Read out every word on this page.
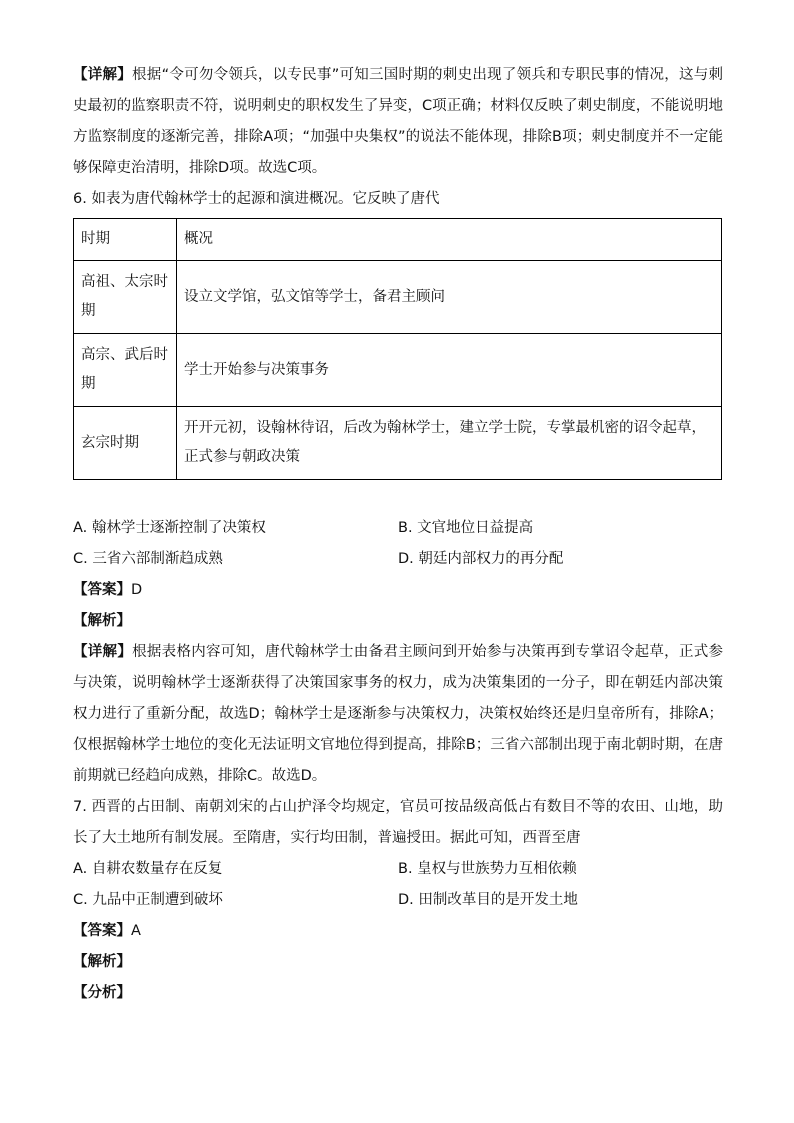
【详解】根据“令可勿令领兵，以专民事”可知三国时期的刺史出现了领兵和专职民事的情况，这与刺史最初的监察职责不符，说明刺史的职权发生了异变，C项正确；材料仅反映了刺史制度，不能说明地方监察制度的逐渐完善，排除A项；“加强中央集权”的说法不能体现，排除B项；刺史制度并不一定能够保障吏治清明，排除D项。故选C项。

6. 如表为唐代翰林学士的起源和演进概况。它反映了唐代

时期	概况
高祖、太宗时期	设立文学馆，弘文馆等学士，备君主顾问
高宗、武后时期	学士开始参与决策事务
玄宗时期	开开元初，设翰林待诏，后改为翰林学士，建立学士院，专掌最机密的诏令起草，正式参与朝政决策
A. 翰林学士逐渐控制了决策权	B. 文官地位日益提高
C. 三省六部制渐趋成熟	D. 朝廷内部权力的再分配

【答案】D

【解析】

【详解】根据表格内容可知，唐代翰林学士由备君主顾问到开始参与决策再到专掌诏令起草，正式参与决策，说明翰林学士逐渐获得了决策国家事务的权力，成为决策集团的一分子，即在朝廷内部决策权力进行了重新分配，故选D；翰林学士是逐渐参与决策权力，决策权始终还是归皇帝所有，排除A；仅根据翰林学士地位的变化无法证明文官地位得到提高，排除B；三省六部制出现于南北朝时期，在唐前期就已经趋向成熟，排除C。故选D。

7. 西晋的占田制、南朝刘宋的占山护泽令均规定，官员可按品级高低占有数目不等的农田、山地，助长了大土地所有制发展。至隋唐，实行均田制，普遍授田。据此可知，西晋至唐

A. 自耕农数量存在反复	B. 皇权与世族势力互相依赖
C. 九品中正制遭到破坏	D. 田制改革目的是开发土地

【答案】A

【解析】

【分析】
